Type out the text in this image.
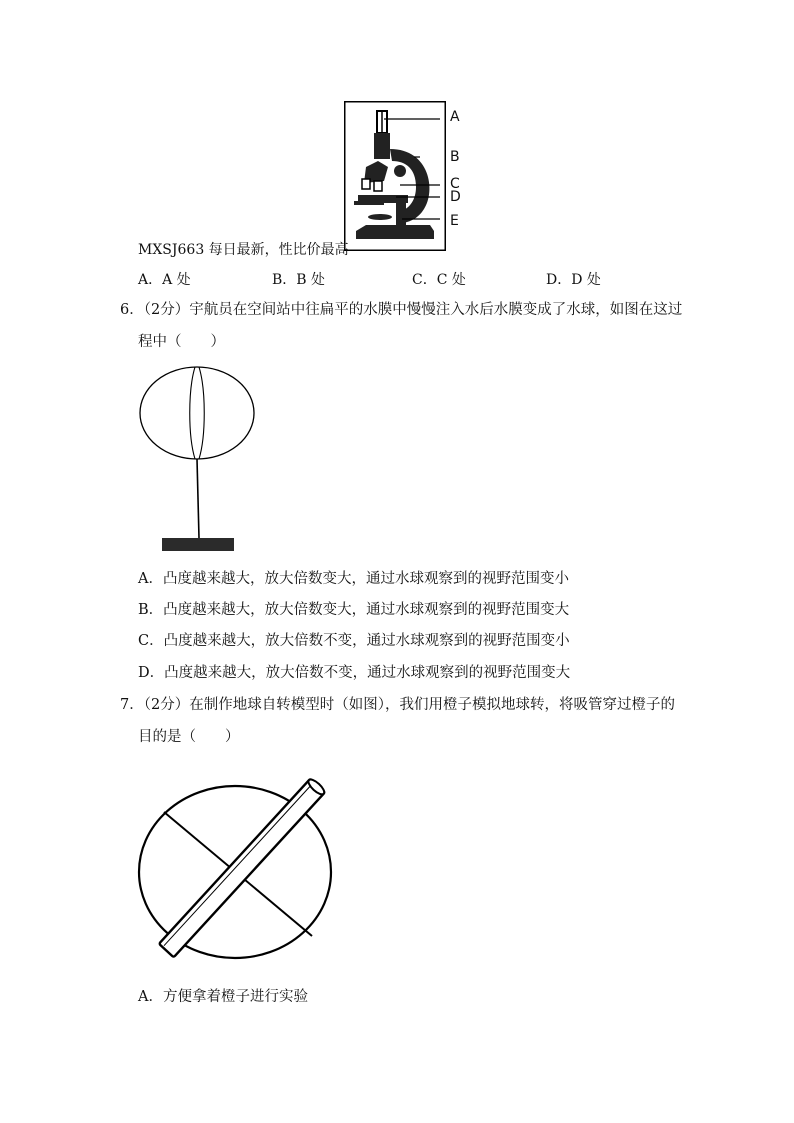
A
B
C
D
E
MXSJ663 每日最新，性比价最高
A．A 处	B．B 处	C．C 处	D．D 处
6．（2分）宇航员在空间站中往扁平的水膜中慢慢注入水后水膜变成了水球，如图在这过
程中（　　）
A．凸度越来越大，放大倍数变大，通过水球观察到的视野范围变小
B．凸度越来越大，放大倍数变大，通过水球观察到的视野范围变大
C．凸度越来越大，放大倍数不变，通过水球观察到的视野范围变小
D．凸度越来越大，放大倍数不变，通过水球观察到的视野范围变大
7．（2分）在制作地球自转模型时（如图），我们用橙子模拟地球转，将吸管穿过橙子的
目的是（　　）
A．方便拿着橙子进行实验
